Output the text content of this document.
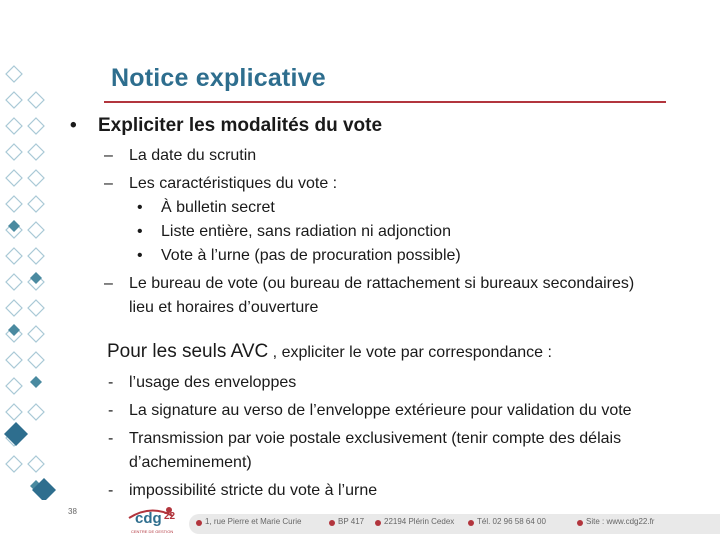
Notice explicative
• Expliciter les modalités du vote
– La date du scrutin
– Les caractéristiques du vote :
• À bulletin secret
• Liste entière, sans radiation ni adjonction
• Vote à l’urne (pas de procuration possible)
– Le bureau de vote (ou bureau de rattachement si bureaux secondaires)
lieu et horaires d’ouverture
Pour les seuls AVC , expliciter le vote par correspondance :
- l’usage des enveloppes
- La signature au verso de l’enveloppe extérieure pour validation du vote
- Transmission par voie postale exclusivement (tenir compte des délais
d’acheminement)
- impossibilité stricte du vote à l’urne
38	cdg 22
CENTRE DE GESTION
1, rue Pierre et Marie Curie	BP 417 22194 Plérin Cedex	Tél. 02 96 58 64 00	Site : www.cdg22.fr
